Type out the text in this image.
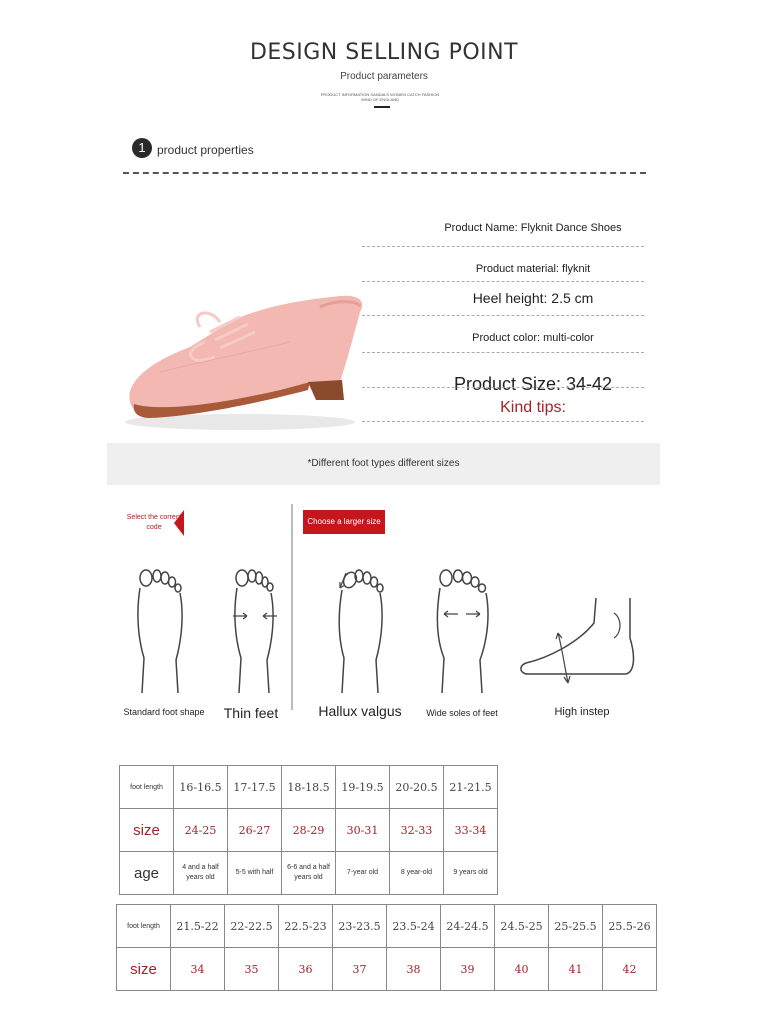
DESIGN SELLING POINT
Product parameters
PRODUCT INFORMATION SANDALS WOMEN CATCH FASHION WIND OF ENGLAND
1 product properties
Product Name: Flyknit Dance Shoes
Product material: flyknit
Heel height: 2.5 cm
Product color: multi-color
Product Size: 34-42
Kind tips:
*Different foot types different sizes
Select the correct code
Choose a larger size
Standard foot shape	Thin feet	Hallux valgus	Wide soles of feet	High instep
foot length	16-16.5	17-17.5	18-18.5	19-19.5	20-20.5	21-21.5
size	24-25	26-27	28-29	30-31	32-33	33-34
age	4 and a half years old	5-5 with half	6-6 and a half years old	7-year old	8 year-old	9 years old
foot length	21.5-22	22-22.5	22.5-23	23-23.5	23.5-24	24-24.5	24.5-25	25-25.5	25.5-26
size	34	35	36	37	38	39	40	41	42
